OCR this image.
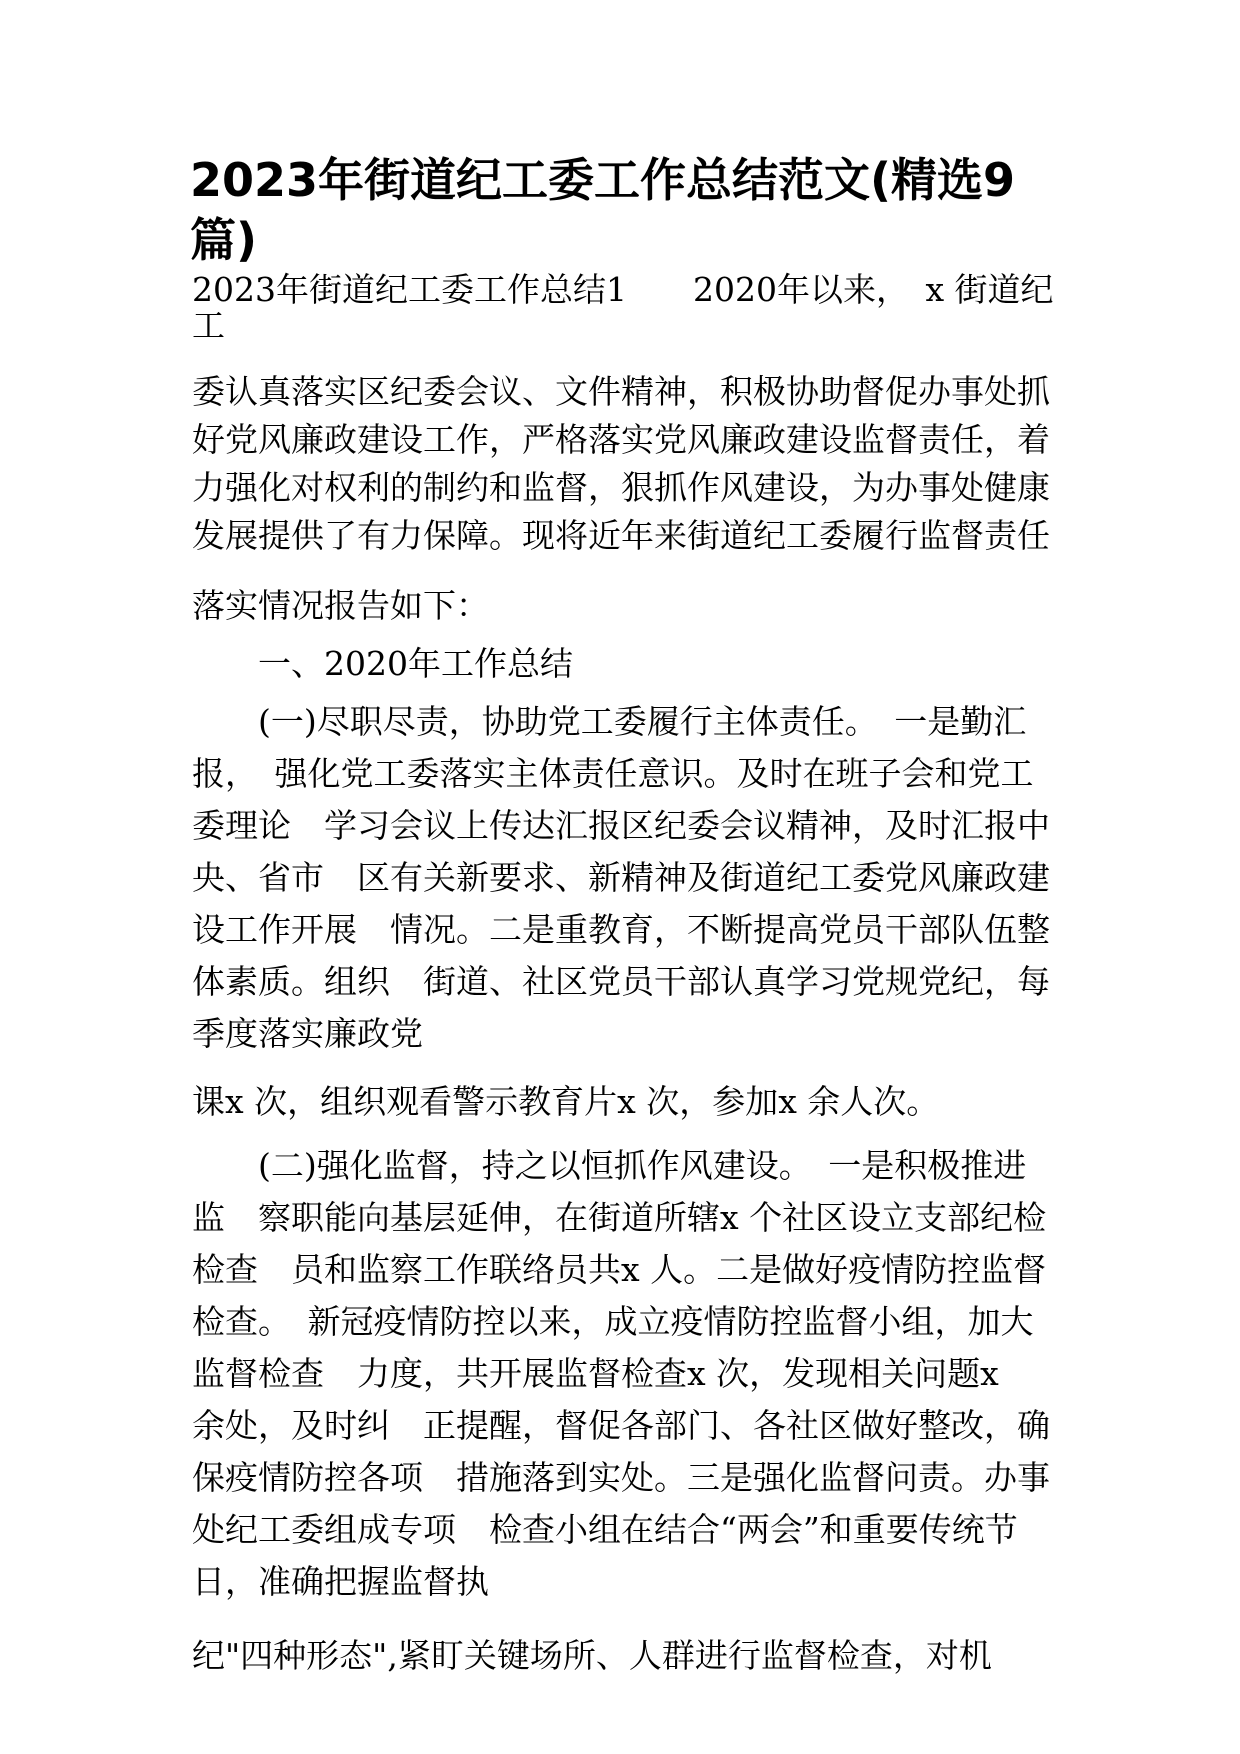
2023年街道纪工委工作总结范文(精选9
篇)
2023年街道纪工委工作总结1　　2020年以来，　x 街道纪
工
委认真落实区纪委会议、文件精神，积极协助督促办事处抓
好党风廉政建设工作，严格落实党风廉政建设监督责任，着
力强化对权利的制约和监督，狠抓作风建设，为办事处健康
发展提供了有力保障。现将近年来街道纪工委履行监督责任
落实情况报告如下：
　　一、2020年工作总结
　　(一)尽职尽责，协助党工委履行主体责任。　一是勤汇
报，　强化党工委落实主体责任意识。及时在班子会和党工
委理论　学习会议上传达汇报区纪委会议精神，及时汇报中
央、省市　区有关新要求、新精神及街道纪工委党风廉政建
设工作开展　情况。二是重教育，不断提高党员干部队伍整
体素质。组织　街道、社区党员干部认真学习党规党纪，每
季度落实廉政党
课x 次，组织观看警示教育片x 次，参加x 余人次。
　　(二)强化监督，持之以恒抓作风建设。　一是积极推进
监　察职能向基层延伸，在街道所辖x 个社区设立支部纪检
检查　员和监察工作联络员共x 人。二是做好疫情防控监督
检查。　新冠疫情防控以来，成立疫情防控监督小组，加大
监督检查　力度，共开展监督检查x 次，发现相关问题x
余处，及时纠　正提醒，督促各部门、各社区做好整改，确
保疫情防控各项　措施落到实处。三是强化监督问责。办事
处纪工委组成专项　检查小组在结合“两会”和重要传统节
日，准确把握监督执
纪"四种形态",紧盯关键场所、人群进行监督检查，对机
